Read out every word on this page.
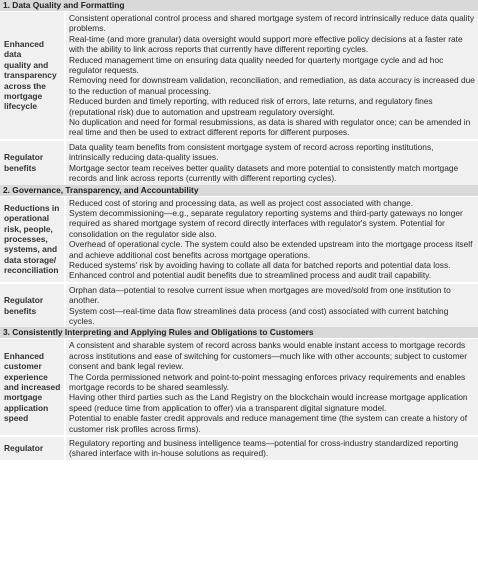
1. Data Quality and Formatting
Enhanced
data
quality and
transparency
across the
mortgage
lifecycle

Consistent operational control process and shared mortgage system of record intrinsically reduce data quality problems.

Real-time (and more granular) data oversight would support more effective policy decisions at a faster rate with the ability to link across reports that currently have different reporting cycles.

Reduced management time on ensuring data quality needed for quarterly mortgage cycle and ad hoc regulator requests.

Removing need for downstream validation, reconciliation, and remediation, as data accuracy is increased due to the reduction of manual processing.

Reduced burden and timely reporting, with reduced risk of errors, late returns, and regulatory fines (reputational risk) due to automation and upstream regulatory oversight.

No duplication and need for formal resubmissions, as data is shared with regulator once; can be amended in real time and then be used to extract different reports for different purposes.

Regulator
benefits

Data quality team benefits from consistent mortgage system of record across reporting institutions, intrinsically reducing data-quality issues.

Mortgage sector team receives better quality datasets and more potential to consistently match mortgage records and link across reports (currently with different reporting cycles).

2. Governance, Transparency, and Accountability
Reductions in
operational
risk, people,
processes,
systems, and
data storage/
reconciliation

Reduced cost of storing and processing data, as well as project cost associated with change.

System decommissioning—e.g., separate regulatory reporting systems and third-party gateways no longer required as shared mortgage system of record directly interfaces with regulator's system. Potential for consolidation on the regulator side also.

Overhead of operational cycle. The system could also be extended upstream into the mortgage process itself and achieve additional cost benefits across mortgage operations.

Reduced systems' risk by avoiding having to collate all data for batched reports and potential data loss.

Enhanced control and potential audit benefits due to streamlined process and audit trail capability.

Regulator
benefits

Orphan data—potential to resolve current issue when mortgages are moved/sold from one institution to another.

System cost—real-time data flow streamlines data process (and cost) associated with current batching cycles.

3. Consistently Interpreting and Applying Rules and Obligations to Customers
Enhanced
customer
experience
and increased
mortgage
application
speed

A consistent and sharable system of record across banks would enable instant access to mortgage records across institutions and ease of switching for customers—much like with other accounts; subject to customer consent and bank legal review.

The Corda permissioned network and point-to-point messaging enforces privacy requirements and enables mortgage records to be shared seamlessly.

Having other third parties such as the Land Registry on the blockchain would increase mortgage application speed (reduce time from application to offer) via a transparent digital signature model.

Potential to enable faster credit approvals and reduce management time (the system can create a history of customer risk profiles across firms).

Regulator

Regulatory reporting and business intelligence teams—potential for cross-industry standardized reporting (shared interface with in-house solutions as required).
